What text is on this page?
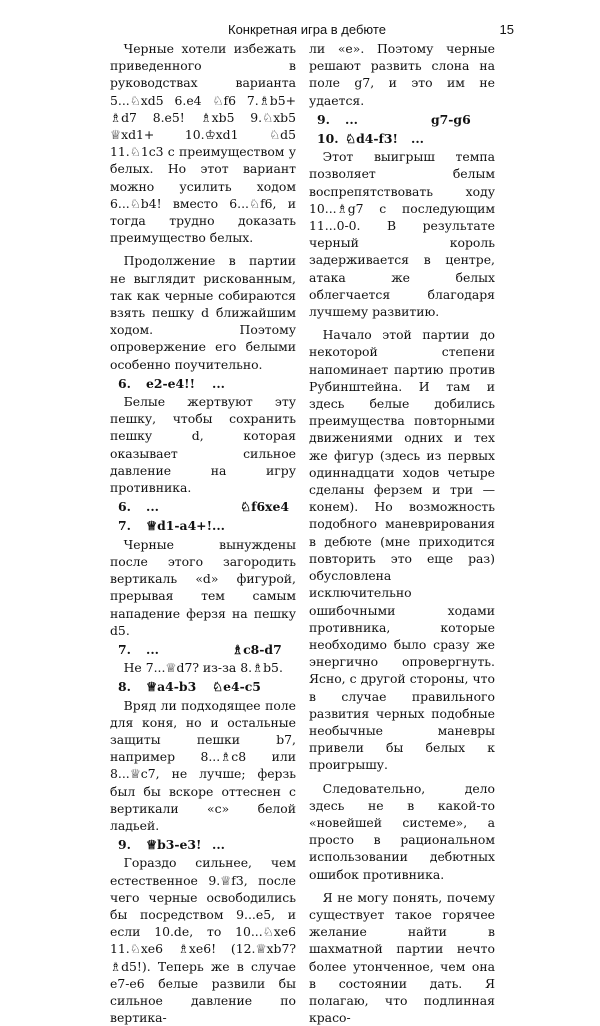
Конкретная игра в дебюте	15

Черные хотели избежать приведенного в руководствах варианта 5...♘xd5 6.e4 ♘f6 7.♗b5+ ♗d7 8.e5! ♗xb5 9.♘xb5 ♕xd1+ 10.♔xd1 ♘d5 11.♘1c3 с преимуществом у белых. Но этот вариант можно усилить ходом 6...♘b4! вместо 6...♘f6, и тогда трудно доказать преимущество белых.

Продолжение в партии не выглядит рискованным, так как черные собираются взять пешку d ближайшим ходом. Поэтому опровержение его белыми особенно поучительно.

6.	e2-e4!!	...

Белые жертвуют эту пешку, чтобы сохранить пешку d, которая оказывает сильное давление на игру противника.

6.	...	♘f6xe4
7.	♕d1-a4+! ...

Черные вынуждены после этого загородить вертикаль «d» фигурой, прерывая тем самым нападение ферзя на пешку d5.

7.	...	♗c8-d7

Не 7...♕d7? из-за 8.♗b5.

8.	♕a4-b3	♘e4-c5

Вряд ли подходящее поле для коня, но и остальные защиты пешки b7, например 8...♗c8 или 8...♕c7, не лучше; ферзь был бы вскоре оттеснен с вертикали «с» белой ладьей.

9.	♕b3-e3! ...

Гораздо сильнее, чем естественное 9.♕f3, после чего черные освободились бы посредством 9...e5, и если 10.de, то 10...♘xe6 11.♘xe6 ♗xe6! (12.♕xb7? ♗d5!). Теперь же в случае e7-e6 белые развили бы сильное давление по вертика-

ли «е». Поэтому черные решают развить слона на поле g7, и это им не удается.

9.	...	g7-g6
10. ♘d4-f3!	...

Этот выигрыш темпа позволяет белым воспрепятствовать ходу 10...♗g7 с последующим 11...0-0. В результате черный король задерживается в центре, атака же белых облегчается благодаря лучшему развитию.

Начало этой партии до некоторой степени напоминает партию против Рубинштейна. И там и здесь белые добились преимущества повторными движениями одних и тех же фигур (здесь из первых одиннадцати ходов четыре сделаны ферзем и три — конем). Но возможность подобного маневрирования в дебюте (мне приходится повторить это еще раз) обусловлена исключительно ошибочными ходами противника, которые необходимо было сразу же энергично опровергнуть. Ясно, с другой стороны, что в случае правильного развития черных подобные необычные маневры привели бы белых к проигрышу.

Следовательно, дело здесь не в какой-то «новейшей системе», а просто в рациональном использовании дебютных ошибок противника.

Я не могу понять, почему существует такое горячее желание найти в шахматной партии нечто более утонченное, чем она в состоянии дать. Я полагаю, что подлинная красо-
